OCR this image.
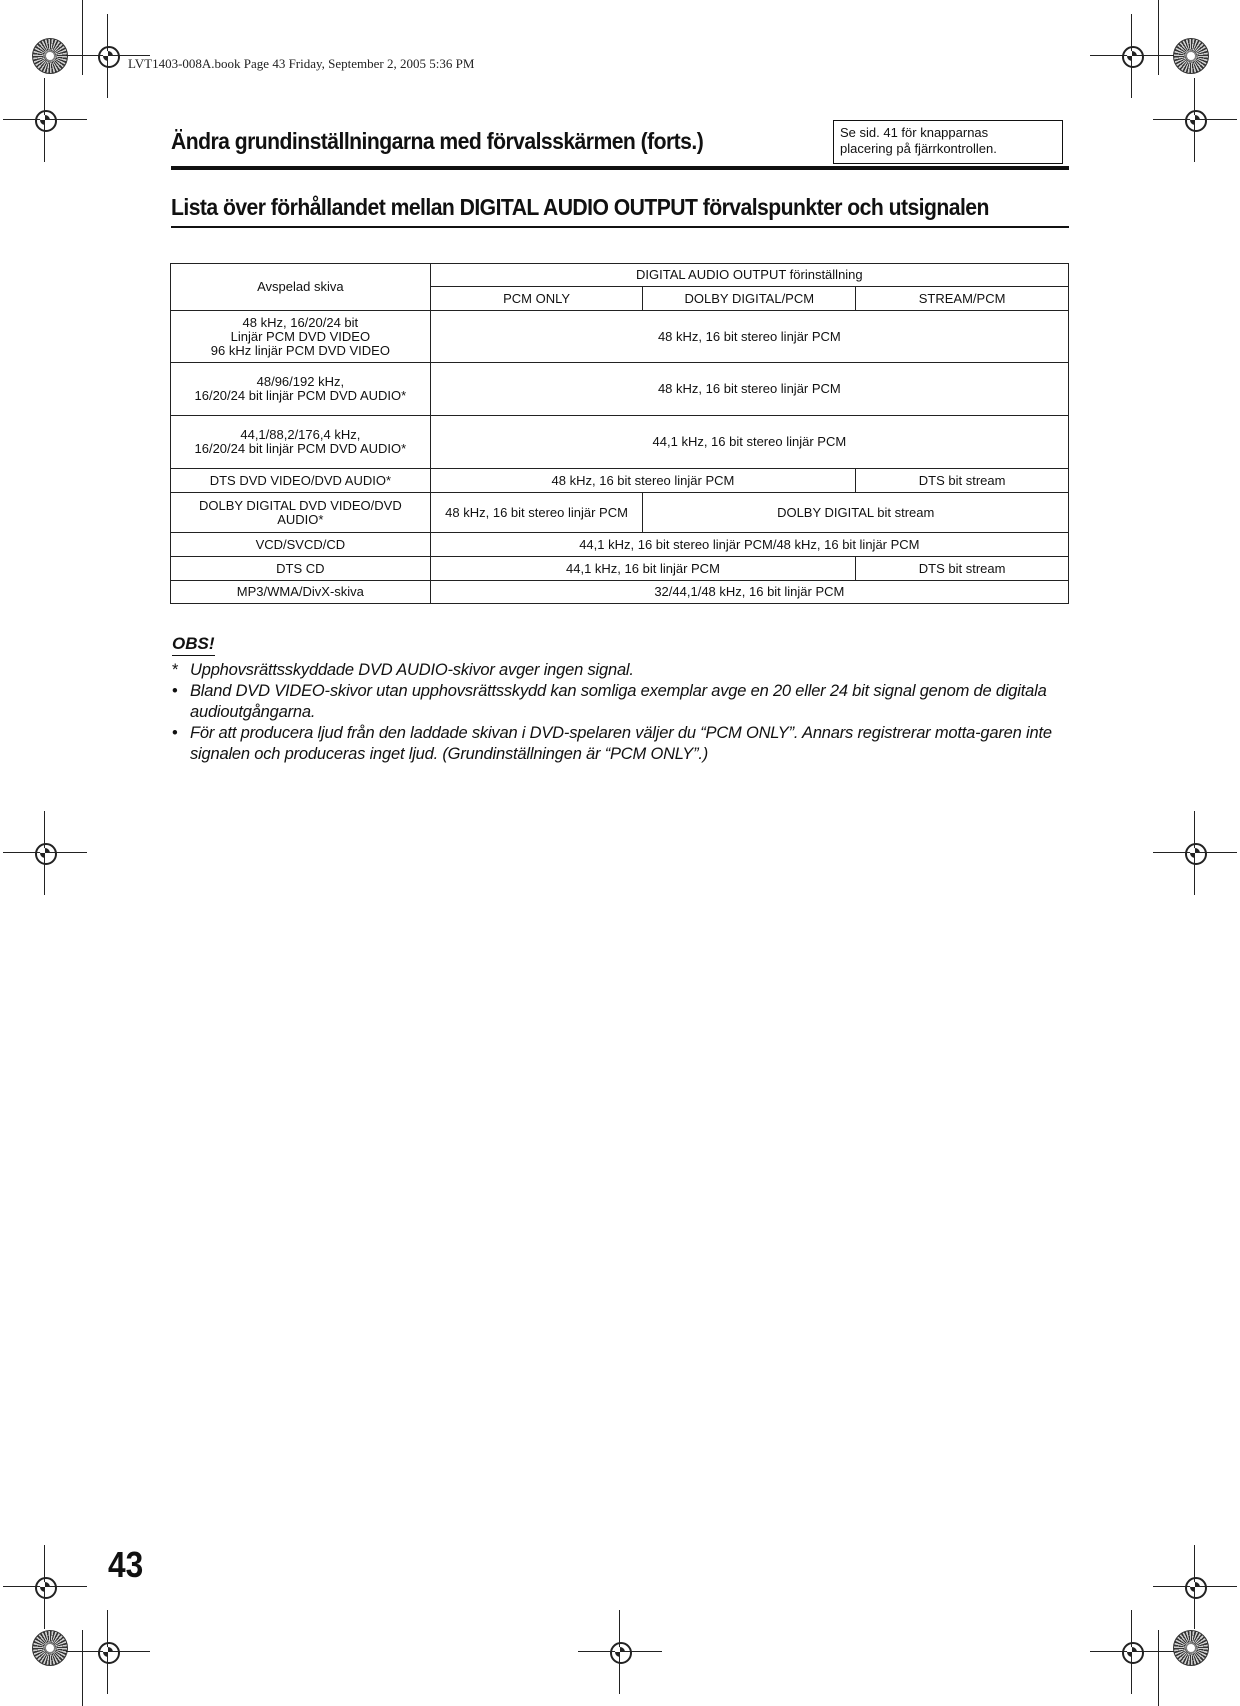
LVT1403-008A.book Page 43 Friday, September 2, 2005 5:36 PM
Ändra grundinställningarna med förvalsskärmen (forts.)	Se sid. 41 för knapparnas
placering på fjärrkontrollen.
Lista över förhållandet mellan DIGITAL AUDIO OUTPUT förvalspunkter och utsignalen
Avspelad skiva	DIGITAL AUDIO OUTPUT förinställning		
	PCM ONLY	DOLBY DIGITAL/PCM	STREAM/PCM

48 kHz, 16/20/24 bit
Linjär PCM DVD VIDEO
96 kHz linjär PCM DVD VIDEO	48 kHz, 16 bit stereo linjär PCM		

48/96/192 kHz,
16/20/24 bit linjär PCM DVD AUDIO*	48 kHz, 16 bit stereo linjär PCM		

44,1/88,2/176,4 kHz,
16/20/24 bit linjär PCM DVD AUDIO*	44,1 kHz, 16 bit stereo linjär PCM		
DTS DVD VIDEO/DVD AUDIO*	48 kHz, 16 bit stereo linjär PCM		DTS bit stream

DOLBY DIGITAL DVD VIDEO/DVD
AUDIO*	48 kHz, 16 bit stereo linjär PCM	DOLBY DIGITAL bit stream	
VCD/SVCD/CD	44,1 kHz, 16 bit stereo linjär PCM/48 kHz, 16 bit linjär PCM		
DTS CD	44,1 kHz, 16 bit linjär PCM		DTS bit stream
MP3/WMA/DivX-skiva	32/44,1/48 kHz, 16 bit linjär PCM		
OBS!
* Upphovsrättsskyddade DVD AUDIO-skivor avger ingen signal.
• Bland DVD VIDEO-skivor utan upphovsrättsskydd kan somliga exemplar avge en 20 eller 24 bit signal genom de digitala audioutgångarna.
• För att producera ljud från den laddade skivan i DVD-spelaren väljer du “PCM ONLY”. Annars registrerar motta-garen inte signalen och produceras inget ljud. (Grundinställningen är “PCM ONLY”.)
43
